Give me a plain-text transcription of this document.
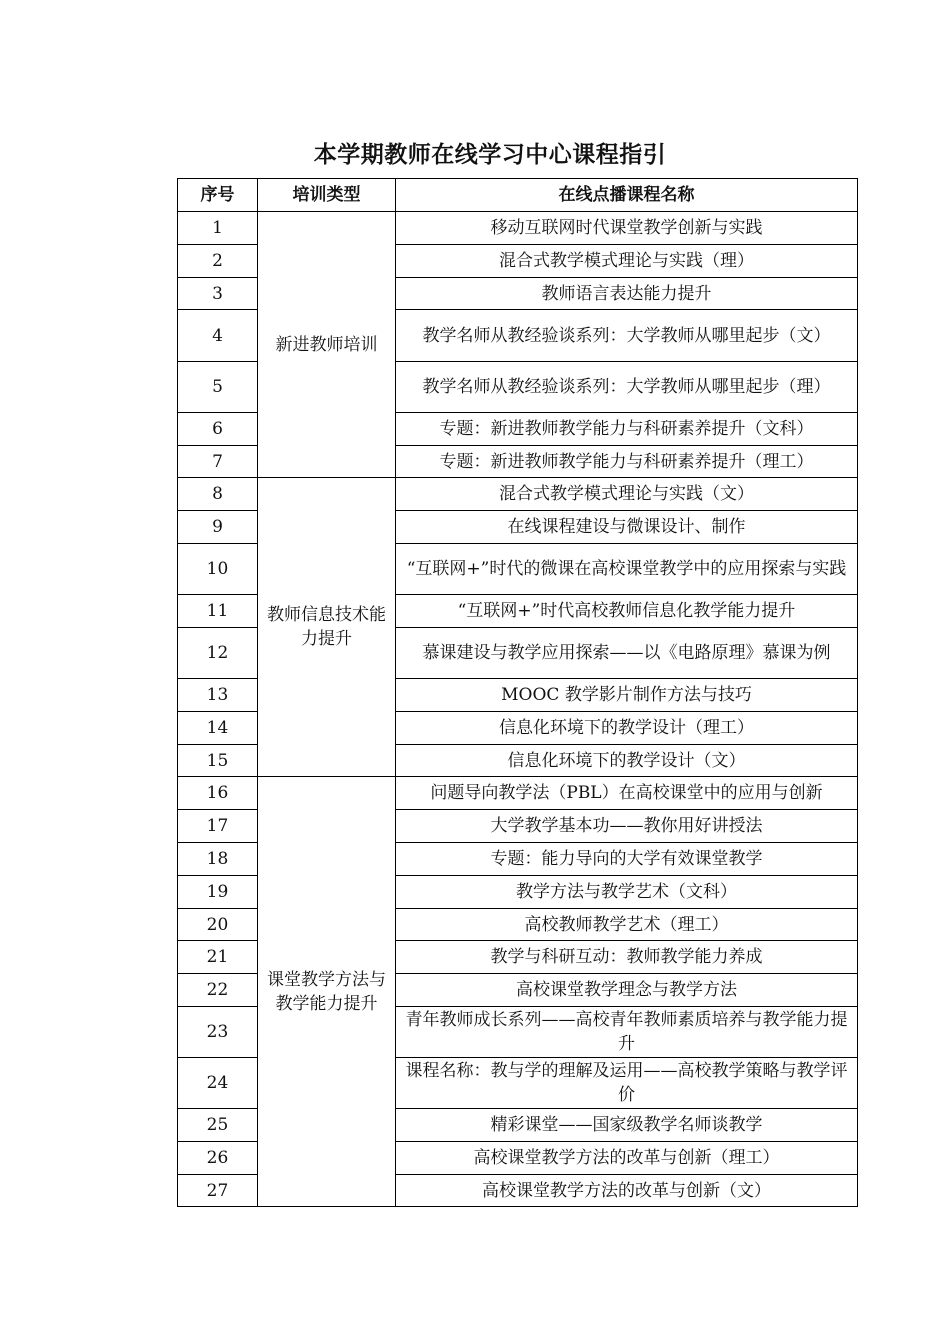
本学期教师在线学习中心课程指引
序号	培训类型	在线点播课程名称
1	新进教师培训	移动互联网时代课堂教学创新与实践
2		混合式教学模式理论与实践（理）
3		教师语言表达能力提升
4		教学名师从教经验谈系列：大学教师从哪里起步（文）
5		教学名师从教经验谈系列：大学教师从哪里起步（理）
6		专题：新进教师教学能力与科研素养提升（文科）
7		专题：新进教师教学能力与科研素养提升（理工）
8	教师信息技术能力提升	混合式教学模式理论与实践（文）
9		在线课程建设与微课设计、制作
10		“互联网+”时代的微课在高校课堂教学中的应用探索与实践
11		“互联网+”时代高校教师信息化教学能力提升
12		慕课建设与教学应用探索——以《电路原理》慕课为例
13		MOOC 教学影片制作方法与技巧
14		信息化环境下的教学设计（理工）
15		信息化环境下的教学设计（文）
16	课堂教学方法与教学能力提升	问题导向教学法（PBL）在高校课堂中的应用与创新
17		大学教学基本功——教你用好讲授法
18		专题：能力导向的大学有效课堂教学
19		教学方法与教学艺术（文科）
20		高校教师教学艺术（理工）
21		教学与科研互动：教师教学能力养成
22		高校课堂教学理念与教学方法
23		青年教师成长系列——高校青年教师素质培养与教学能力提升
24		课程名称：教与学的理解及运用——高校教学策略与教学评价
25		精彩课堂——国家级教学名师谈教学
26		高校课堂教学方法的改革与创新（理工）
27		高校课堂教学方法的改革与创新（文）
